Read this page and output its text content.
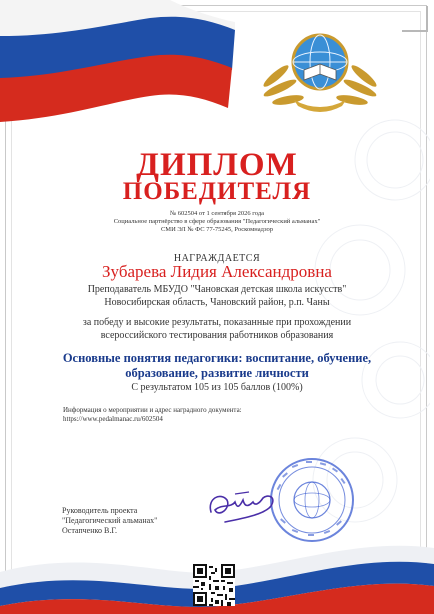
ДИПЛОМ
ПОБЕДИТЕЛЯ
№ 602504 от 1 сентября 2026 года
Социальное партнёрство в сфере образования "Педагогический альманах"
СМИ ЭЛ № ФС 77-75245, Роскомнадзор
НАГРАЖДАЕТСЯ
Зубарева Лидия Александровна
Преподаватель МБУДО "Чановская детская школа искусств"
Новосибирская область, Чановский район, р.п. Чаны
за победу и высокие результаты, показанные при прохождении
всероссийского тестирования работников образования
Основные понятия педагогики: воспитание, обучение,
образование, развитие личности
С результатом 105 из 105 баллов (100%)
Информация о мероприятии и адрес наградного документа:
https://www.pedalmanac.ru/602504
Руководитель проекта
"Педагогический альманах"
Остапченко В.Г.
